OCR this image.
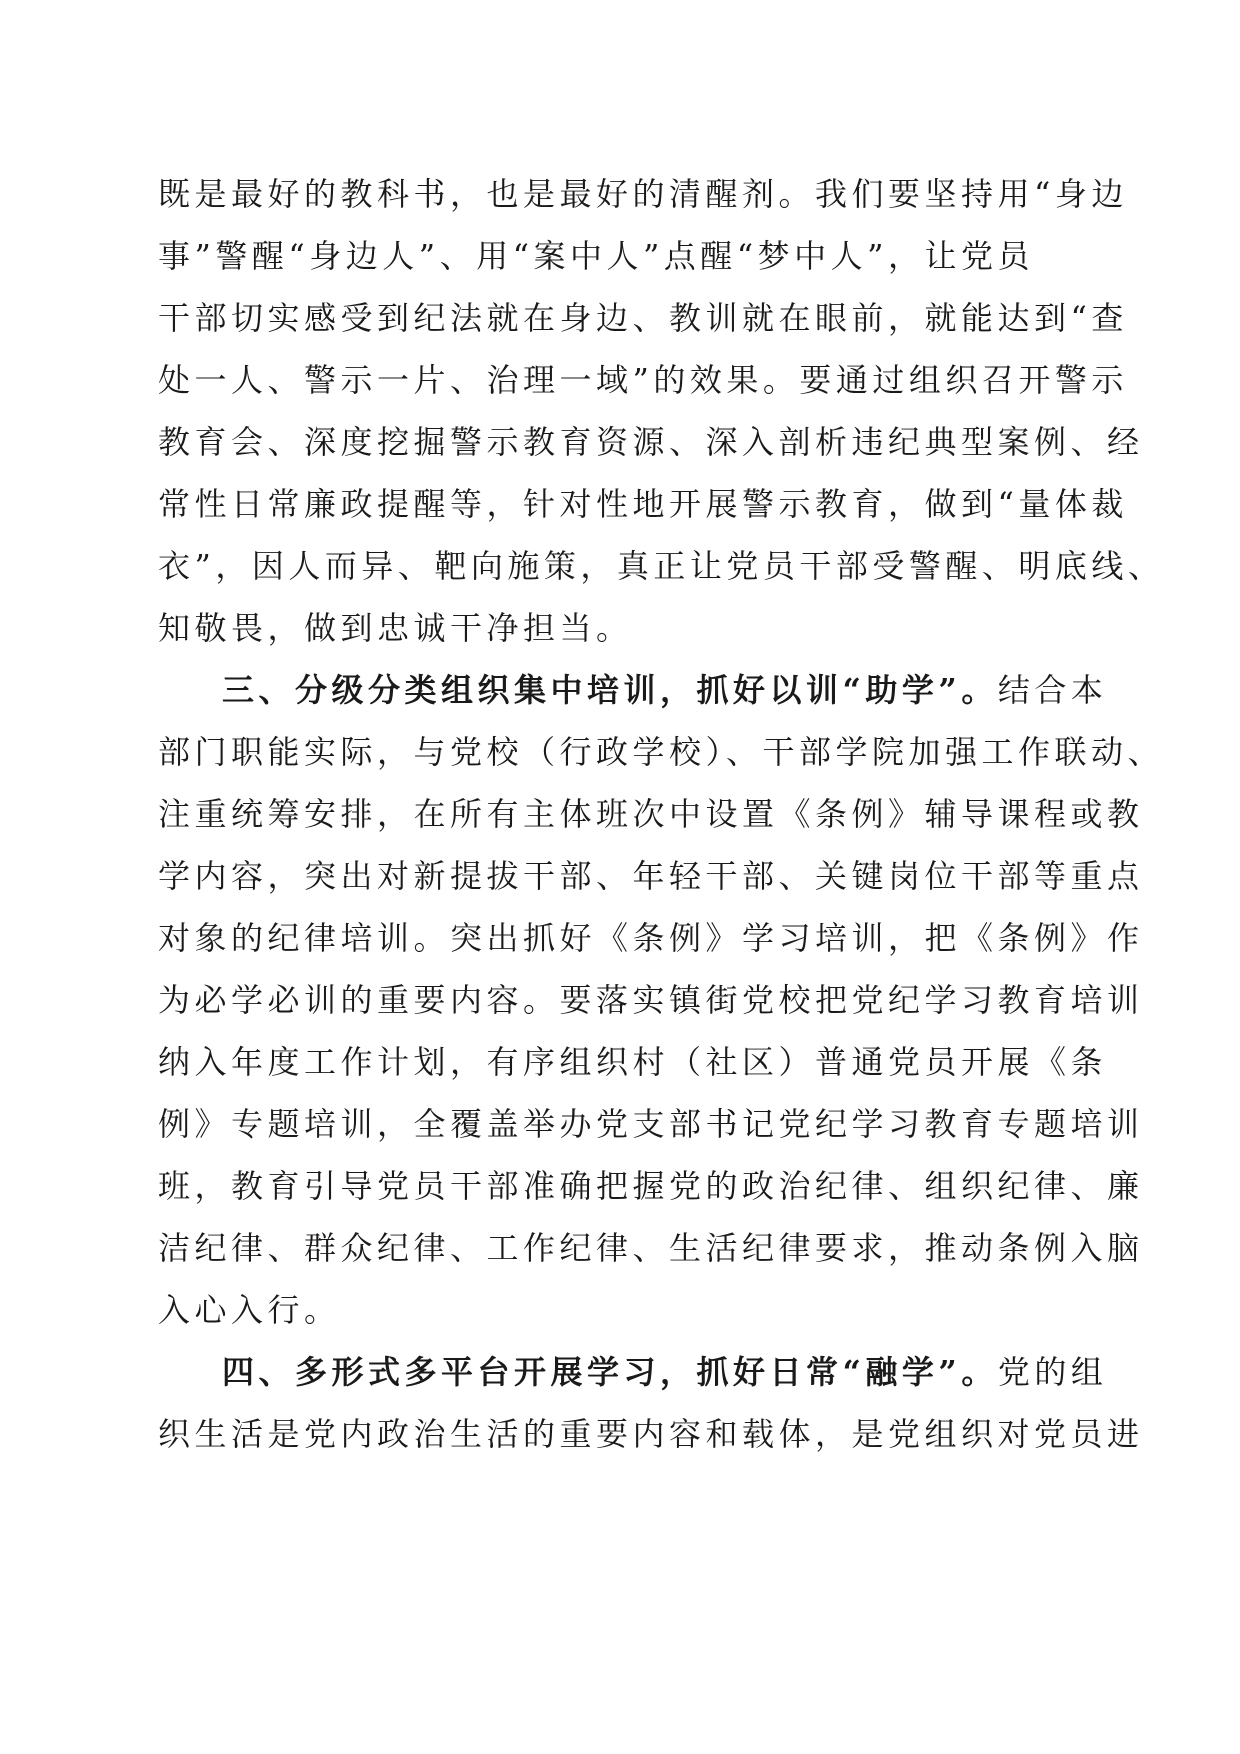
既是最好的教科书，也是最好的清醒剂。我们要坚持用“身边
事”警醒“身边人”、用“案中人”点醒“梦中人”，让党员
干部切实感受到纪法就在身边、教训就在眼前，就能达到“查
处一人、警示一片、治理一域”的效果。要通过组织召开警示
教育会、深度挖掘警示教育资源、深入剖析违纪典型案例、经
常性日常廉政提醒等，针对性地开展警示教育，做到“量体裁
衣”，因人而异、靶向施策，真正让党员干部受警醒、明底线、
知敬畏，做到忠诚干净担当。
三、分级分类组织集中培训，抓好以训“助学”。结合本
部门职能实际，与党校（行政学校）、干部学院加强工作联动、
注重统筹安排，在所有主体班次中设置《条例》辅导课程或教
学内容，突出对新提拔干部、年轻干部、关键岗位干部等重点
对象的纪律培训。突出抓好《条例》学习培训，把《条例》作
为必学必训的重要内容。要落实镇街党校把党纪学习教育培训
纳入年度工作计划，有序组织村（社区）普通党员开展《条
例》专题培训，全覆盖举办党支部书记党纪学习教育专题培训
班，教育引导党员干部准确把握党的政治纪律、组织纪律、廉
洁纪律、群众纪律、工作纪律、生活纪律要求，推动条例入脑
入心入行。
四、多形式多平台开展学习，抓好日常“融学”。党的组
织生活是党内政治生活的重要内容和载体，是党组织对党员进
